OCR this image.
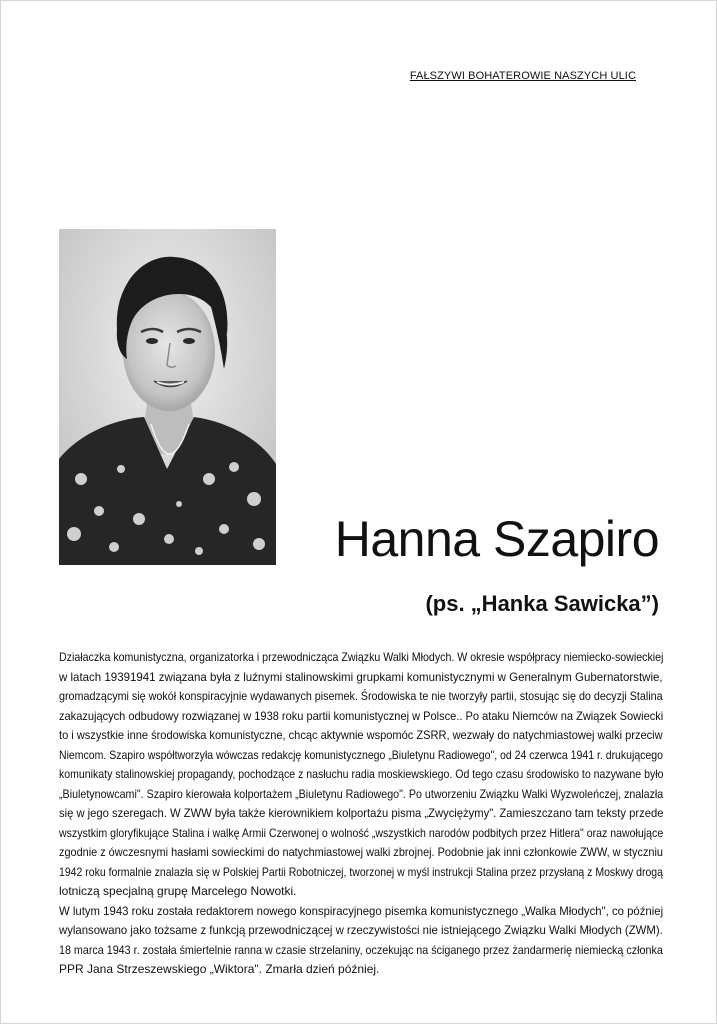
FAŁSZYWI BOHATEROWIE NASZYCH ULIC
Hanna Szapiro
(ps. „Hanka Sawicka”)

Działaczka komunistyczna, organizatorka i przewodnicząca Związku Walki Młodych. W okresie współpracy niemiecko-sowieckiej
w latach 19391941 związana była z luźnymi stalinowskimi grupkami komunistycznymi w Generalnym Gubernatorstwie,
gromadzącymi się wokół konspiracyjnie wydawanych pisemek. Środowiska te nie tworzyły partii, stosując się do decyzji Stalina
zakazujących odbudowy rozwiązanej w 1938 roku partii komunistycznej w Polsce.. Po ataku Niemców na Związek Sowiecki
to i wszystkie inne środowiska komunistyczne, chcąc aktywnie wspomóc ZSRR, wezwały do natychmiastowej walki przeciw
Niemcom. Szapiro współtworzyła wówczas redakcję komunistycznego „Biuletynu Radiowego", od 24 czerwca 1941 r. drukującego
komunikaty stalinowskiej propagandy, pochodzące z nasłuchu radia moskiewskiego. Od tego czasu środowisko to nazywane było
„Biuletynowcami". Szapiro kierowała kolportażem „Biuletynu Radiowego". Po utworzeniu Związku Walki Wyzwoleńczej, znalazła
się w jego szeregach. W ZWW była także kierownikiem kolportażu pisma „Zwyciężymy". Zamieszczano tam teksty przede
wszystkim gloryfikujące Stalina i walkę Armii Czerwonej o wolność „wszystkich narodów podbitych przez Hitlera" oraz nawołujące
zgodnie z ówczesnymi hasłami sowieckimi do natychmiastowej walki zbrojnej. Podobnie jak inni członkowie ZWW, w styczniu
1942 roku formalnie znalazła się w Polskiej Partii Robotniczej, tworzonej w myśl instrukcji Stalina przez przysłaną z Moskwy drogą
lotniczą specjalną grupę Marcelego Nowotki.

W lutym 1943 roku została redaktorem nowego konspiracyjnego pisemka komunistycznego „Walka Młodych", co później
wylansowano jako tożsame z funkcją przewodniczącej w rzeczywistości nie istniejącego Związku Walki Młodych (ZWM).

18 marca 1943 r. została śmiertelnie ranna w czasie strzelaniny, oczekując na ściganego przez żandarmerię niemiecką członka
PPR Jana Strzeszewskiego „Wiktora". Zmarła dzień później.
